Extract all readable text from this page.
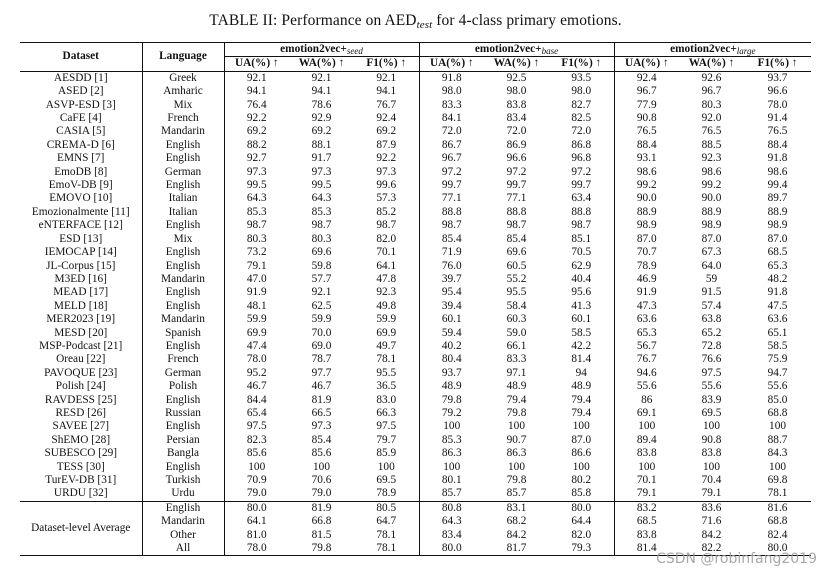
TABLE II: Performance on AEDtest for 4-class primary emotions.
Dataset	Language	emotion2vec+seed			emotion2vec+base			emotion2vec+large		
		UA(%) ↑	WA(%) ↑	F1(%) ↑	UA(%) ↑	WA(%) ↑	F1(%) ↑	UA(%) ↑	WA(%) ↑	F1(%) ↑
AESDD [1]	Greek	92.1	92.1	92.1	91.8	92.5	93.5	92.4	92.6	93.7
ASED [2]	Amharic	94.1	94.1	94.1	98.0	98.0	98.0	96.7	96.7	96.6
ASVP-ESD [3]	Mix	76.4	78.6	76.7	83.3	83.8	82.7	77.9	80.3	78.0
CaFE [4]	French	92.2	92.9	92.4	84.1	83.4	82.5	90.8	92.0	91.4
CASIA [5]	Mandarin	69.2	69.2	69.2	72.0	72.0	72.0	76.5	76.5	76.5
CREMA-D [6]	English	88.2	88.1	87.9	86.7	86.9	86.8	88.4	88.5	88.4
EMNS [7]	English	92.7	91.7	92.2	96.7	96.6	96.8	93.1	92.3	91.8
EmoDB [8]	German	97.3	97.3	97.3	97.2	97.2	97.2	98.6	98.6	98.6
EmoV-DB [9]	English	99.5	99.5	99.6	99.7	99.7	99.7	99.2	99.2	99.4
EMOVO [10]	Italian	64.3	64.3	57.3	77.1	77.1	63.4	90.0	90.0	89.7
Emozionalmente [11]	Italian	85.3	85.3	85.2	88.8	88.8	88.8	88.9	88.9	88.9
eNTERFACE [12]	English	98.7	98.7	98.7	98.7	98.7	98.7	98.9	98.9	98.9
ESD [13]	Mix	80.3	80.3	82.0	85.4	85.4	85.1	87.0	87.0	87.0
IEMOCAP [14]	English	73.2	69.6	70.1	71.9	69.6	70.5	70.7	67.3	68.5
JL-Corpus [15]	English	79.1	59.8	64.1	76.0	60.5	62.9	78.9	64.0	65.3
M3ED [16]	Mandarin	47.0	57.7	47.8	39.7	55.2	40.4	46.9	59	48.2
MEAD [17]	English	91.9	92.1	92.3	95.4	95.5	95.6	91.9	91.5	91.8
MELD [18]	English	48.1	62.5	49.8	39.4	58.4	41.3	47.3	57.4	47.5
MER2023 [19]	Mandarin	59.9	59.9	59.9	60.1	60.3	60.1	63.6	63.8	63.6
MESD [20]	Spanish	69.9	70.0	69.9	59.4	59.0	58.5	65.3	65.2	65.1
MSP-Podcast [21]	English	47.4	69.0	49.7	40.2	66.1	42.2	56.7	72.8	58.5
Oreau [22]	French	78.0	78.7	78.1	80.4	83.3	81.4	76.7	76.6	75.9
PAVOQUE [23]	German	95.2	97.7	95.5	93.7	97.1	94	94.6	97.5	94.7
Polish [24]	Polish	46.7	46.7	36.5	48.9	48.9	48.9	55.6	55.6	55.6
RAVDESS [25]	English	84.4	81.9	83.0	79.8	79.4	79.4	86	83.9	85.0
RESD [26]	Russian	65.4	66.5	66.3	79.2	79.8	79.4	69.1	69.5	68.8
SAVEE [27]	English	97.5	97.3	97.5	100	100	100	100	100	100
ShEMO [28]	Persian	82.3	85.4	79.7	85.3	90.7	87.0	89.4	90.8	88.7
SUBESCO [29]	Bangla	85.6	85.6	85.9	86.3	86.3	86.6	83.8	83.8	84.3
TESS [30]	English	100	100	100	100	100	100	100	100	100
TurEV-DB [31]	Turkish	70.9	70.6	69.5	80.1	79.8	80.2	70.1	70.4	69.8
URDU [32]	Urdu	79.0	79.0	78.9	85.7	85.7	85.8	79.1	79.1	78.1
Dataset-level Average	English	80.0	81.9	80.5	80.8	83.1	80.0	83.2	83.6	81.6
	Mandarin	64.1	66.8	64.7	64.3	68.2	64.4	68.5	71.6	68.8
	Other	81.0	81.5	78.1	83.4	84.2	82.0	83.8	84.2	82.4
	All	78.0	79.8	78.1	80.0	81.7	79.3	81.4	82.2	80.0
CSDN @robinfang2019
